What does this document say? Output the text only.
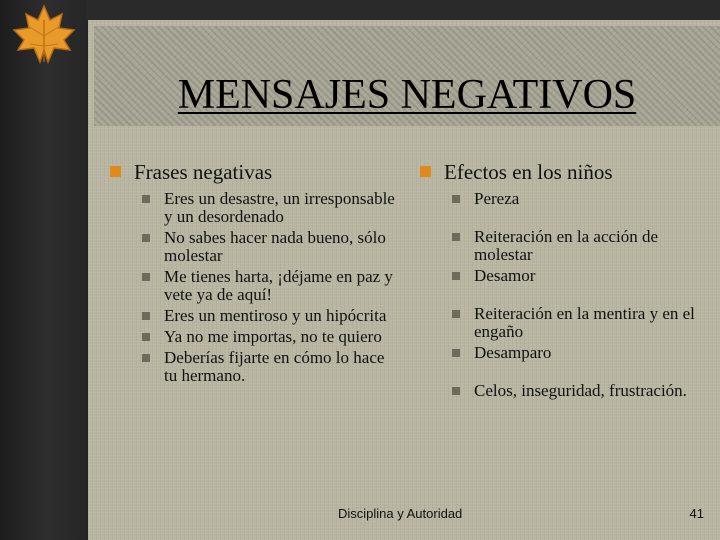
MENSAJES NEGATIVOS
Frases negativas
Eres un desastre, un irresponsable y un desordenado
No sabes hacer nada bueno, sólo molestar
Me tienes harta, ¡déjame en paz y vete ya de aquí!
Eres un mentiroso y un hipócrita
Ya no me importas, no te quiero
Deberías fijarte en cómo lo hace tu hermano.
Efectos en los niños
Pereza
Reiteración en la acción de molestar
Desamor
Reiteración en la mentira y en el engaño
Desamparo
Celos, inseguridad, frustración.
Disciplina y Autoridad	41
